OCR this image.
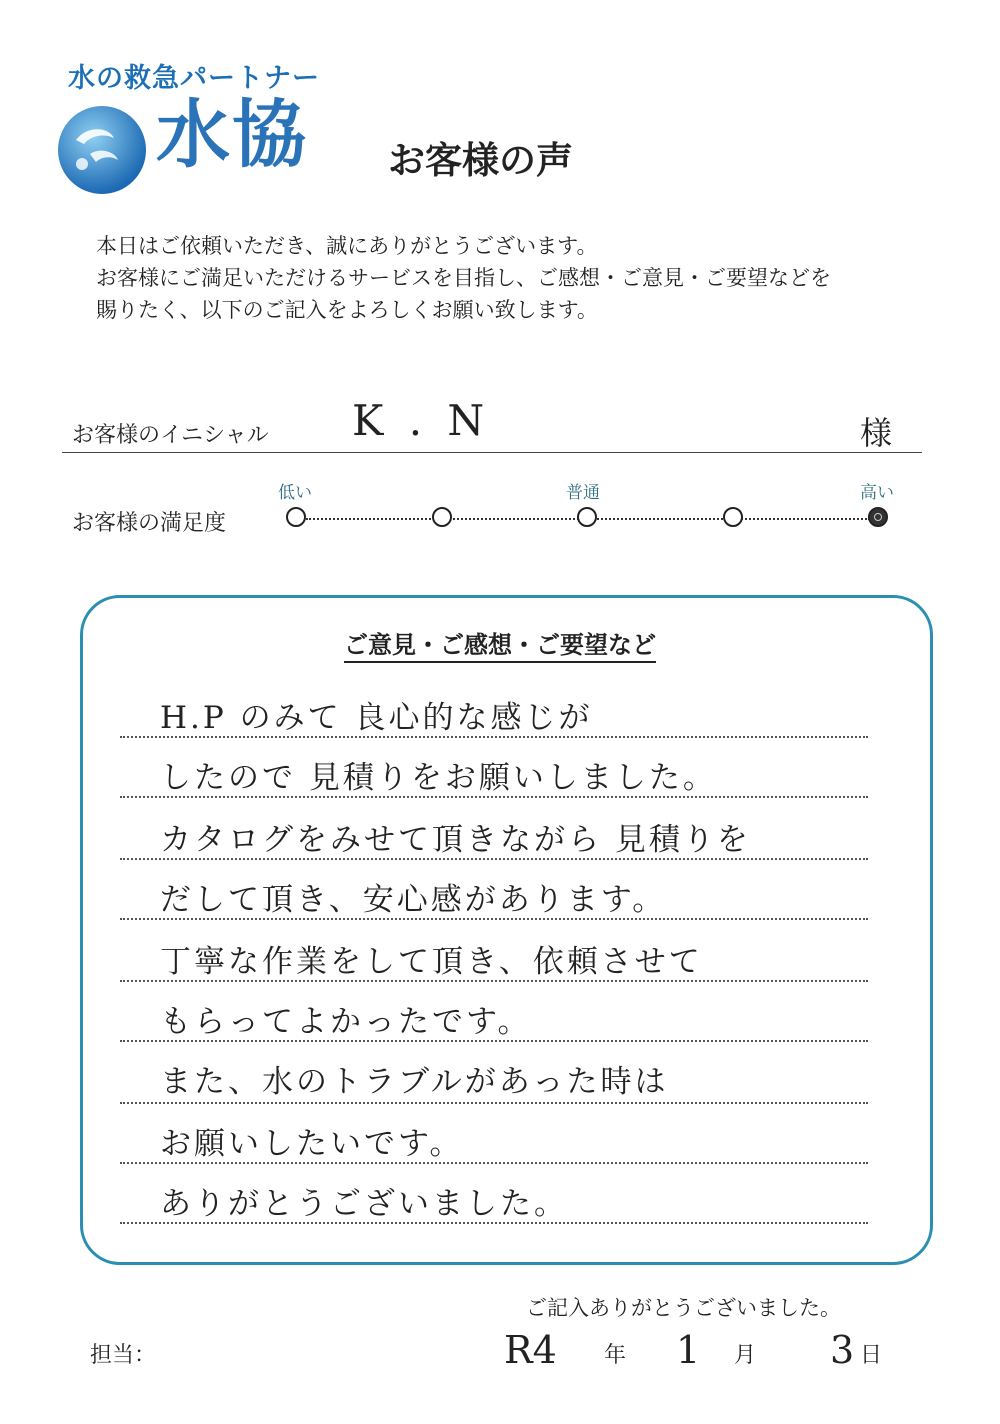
水の救急パートナー
水協 お客様の声
本日はご依頼いただき、誠にありがとうございます。
お客様にご満足いただけるサービスを目指し、ご感想・ご意見・ご要望などを
賜りたく、以下のご記入をよろしくお願い致します。
お客様のイニシャル K . N	様
お客様の満足度
低い	普通	高い
ご意見・ご感想・ご要望など
H.P のみて 良心的な感じが
したので 見積りをお願いしました。
カタログをみせて頂きながら 見積りを
だして頂き、安心感があります。
丁寧な作業をして頂き、依頼させて
もらってよかったです。
また、水のトラブルがあった時は
お願いしたいです。
ありがとうございました。
ご記入ありがとうございました。
担当：	R4 年 1 月 3 日
